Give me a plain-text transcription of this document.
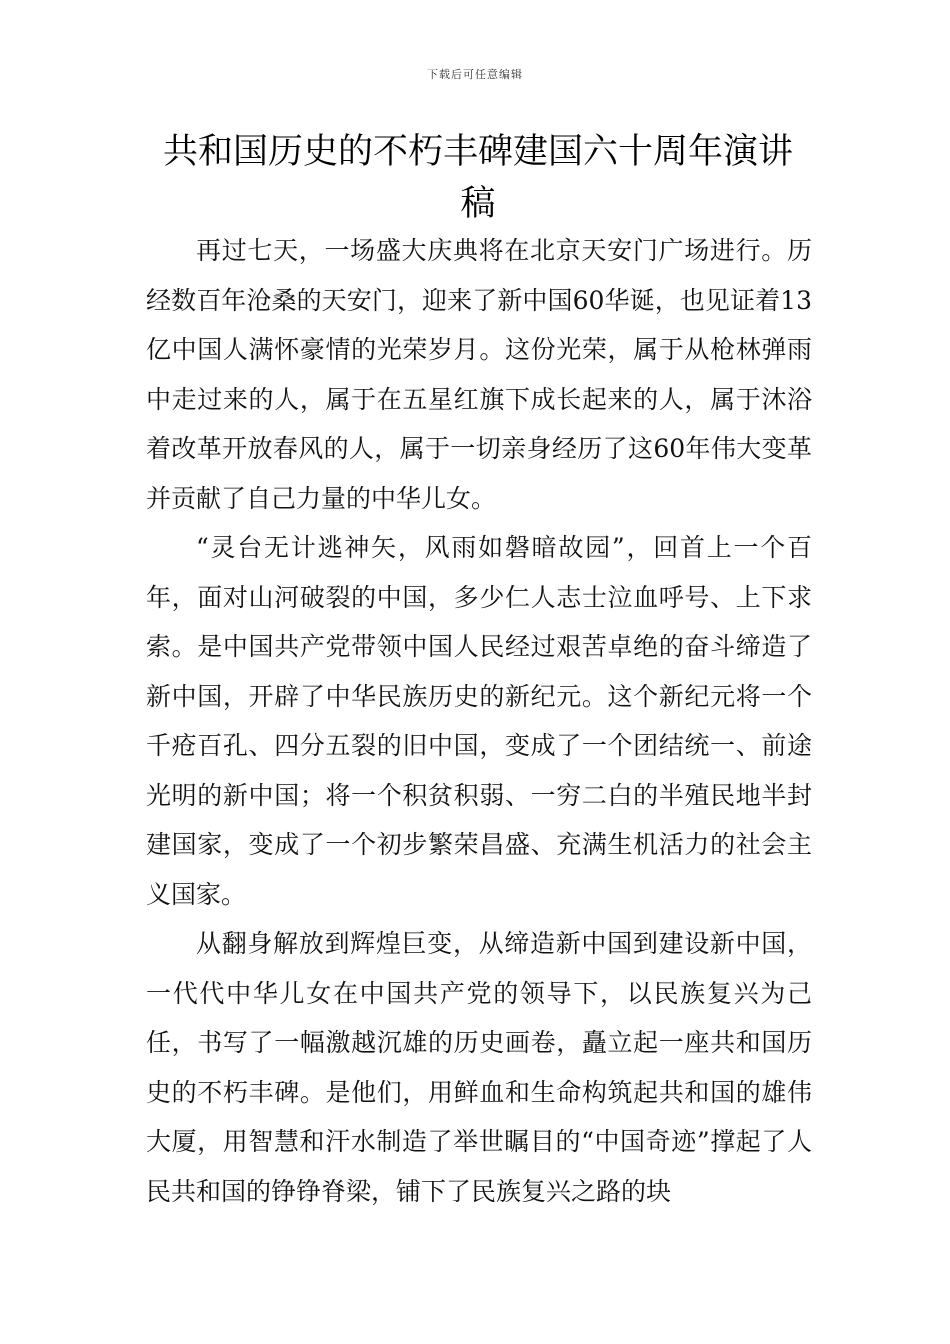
下载后可任意编辑
共和国历史的不朽丰碑建国六十周年演讲稿

再过七天，一场盛大庆典将在北京天安门广场进行。历经数百年沧桑的天安门，迎来了新中国60华诞，也见证着13亿中国人满怀豪情的光荣岁月。这份光荣，属于从枪林弹雨中走过来的人，属于在五星红旗下成长起来的人，属于沐浴着改革开放春风的人，属于一切亲身经历了这60年伟大变革并贡献了自己力量的中华儿女。

“灵台无计逃神矢，风雨如磐暗故园”，回首上一个百年，面对山河破裂的中国，多少仁人志士泣血呼号、上下求索。是中国共产党带领中国人民经过艰苦卓绝的奋斗缔造了新中国，开辟了中华民族历史的新纪元。这个新纪元将一个千疮百孔、四分五裂的旧中国，变成了一个团结统一、前途光明的新中国；将一个积贫积弱、一穷二白的半殖民地半封建国家，变成了一个初步繁荣昌盛、充满生机活力的社会主义国家。

从翻身解放到辉煌巨变，从缔造新中国到建设新中国，一代代中华儿女在中国共产党的领导下，以民族复兴为己任，书写了一幅激越沉雄的历史画卷，矗立起一座共和国历史的不朽丰碑。是他们，用鲜血和生命构筑起共和国的雄伟大厦，用智慧和汗水制造了举世瞩目的“中国奇迹”撑起了人民共和国的铮铮脊梁，铺下了民族复兴之路的块
